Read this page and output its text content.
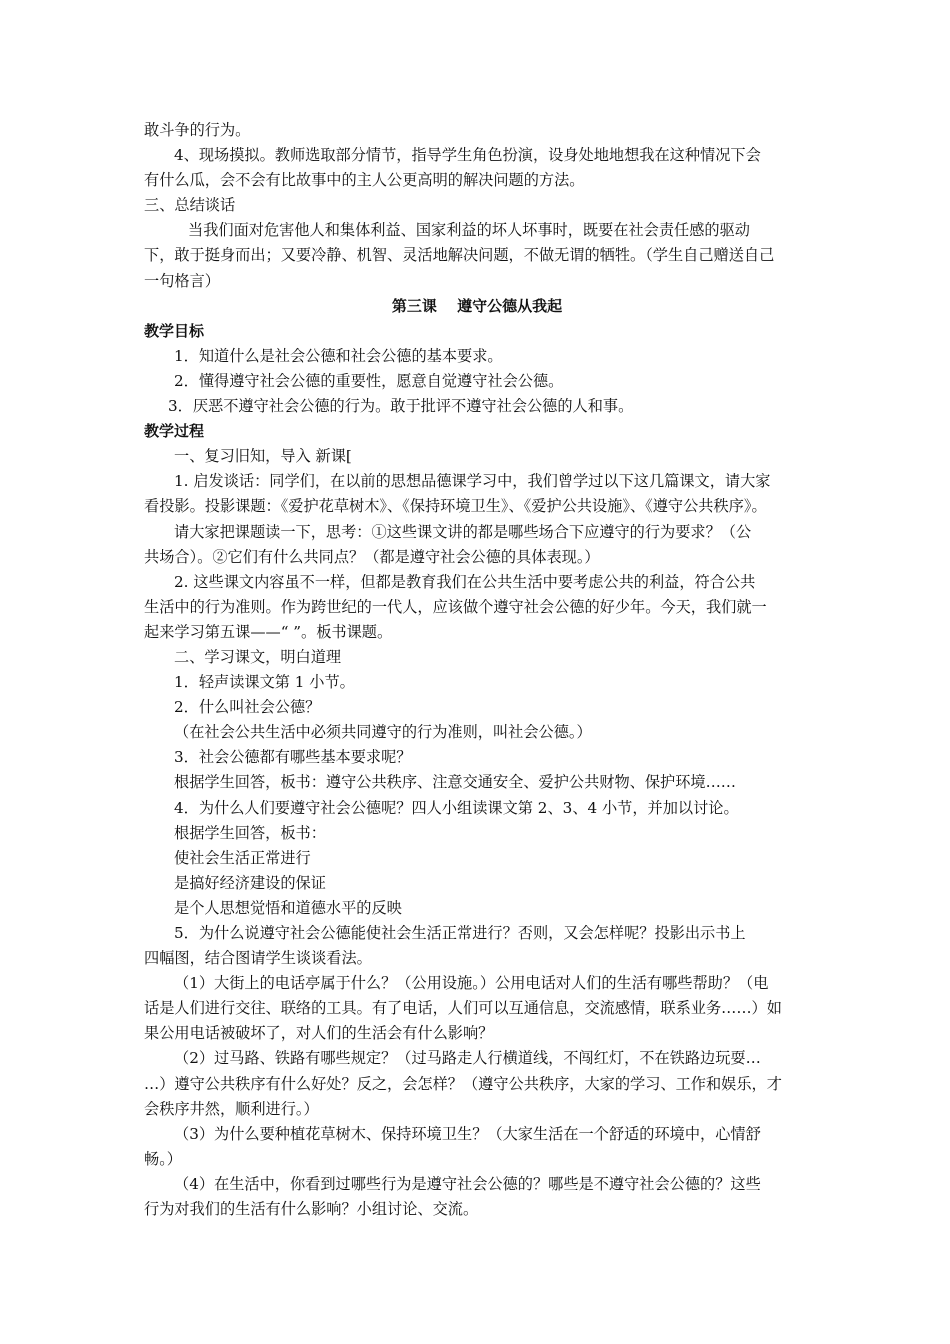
敢斗争的行为。

4、现场摸拟。教师选取部分情节，指导学生角色扮演，设身处地地想我在这种情况下会

有什么瓜，会不会有比故事中的主人公更高明的解决问题的方法。

三、总结谈话

当我们面对危害他人和集体利益、国家利益的坏人坏事时，既要在社会责任感的驱动

下，敢于挺身而出；又要冷静、机智、灵活地解决问题，不做无谓的牺牲。（学生自己赠送自己

一句格言）

第三课　 遵守公德从我起

教学目标

1．知道什么是社会公德和社会公德的基本要求。

2．懂得遵守社会公德的重要性，愿意自觉遵守社会公德。

3．厌恶不遵守社会公德的行为。敢于批评不遵守社会公德的人和事。

教学过程

一、复习旧知，导入 新课[

1. 启发谈话：同学们，在以前的思想品德课学习中，我们曾学过以下这几篇课文，请大家

看投影。投影课题：《爱护花草树木》、《保持环境卫生》、《爱护公共设施》、《遵守公共秩序》。

请大家把课题读一下，思考：①这些课文讲的都是哪些场合下应遵守的行为要求？（公

共场合）。②它们有什么共同点？（都是遵守社会公德的具体表现。）

2. 这些课文内容虽不一样，但都是教育我们在公共生活中要考虑公共的利益，符合公共

生活中的行为准则。作为跨世纪的一代人，应该做个遵守社会公德的好少年。今天，我们就一

起来学习第五课——“ ”。板书课题。

二、学习课文，明白道理

1．轻声读课文第 1 小节。

2．什么叫社会公德？

（在社会公共生活中必须共同遵守的行为准则，叫社会公德。）

3．社会公德都有哪些基本要求呢？

根据学生回答，板书：遵守公共秩序、注意交通安全、爱护公共财物、保护环境……

4．为什么人们要遵守社会公德呢？四人小组读课文第 2、3、4 小节，并加以讨论。

根据学生回答，板书：

使社会生活正常进行

是搞好经济建设的保证

是个人思想觉悟和道德水平的反映

5．为什么说遵守社会公德能使社会生活正常进行？否则，又会怎样呢？投影出示书上

四幅图，结合图请学生谈谈看法。

（1）大街上的电话亭属于什么？（公用设施。）公用电话对人们的生活有哪些帮助？（电

话是人们进行交往、联络的工具。有了电话，人们可以互通信息，交流感情，联系业务……）如

果公用电话被破坏了，对人们的生活会有什么影响？

（2）过马路、铁路有哪些规定？（过马路走人行横道线，不闯红灯，不在铁路边玩耍…

…）遵守公共秩序有什么好处？反之，会怎样？（遵守公共秩序，大家的学习、工作和娱乐，才

会秩序井然，顺利进行。）

（3）为什么要种植花草树木、保持环境卫生？（大家生活在一个舒适的环境中，心情舒

畅。）

（4）在生活中，你看到过哪些行为是遵守社会公德的？哪些是不遵守社会公德的？这些

行为对我们的生活有什么影响？小组讨论、交流。
